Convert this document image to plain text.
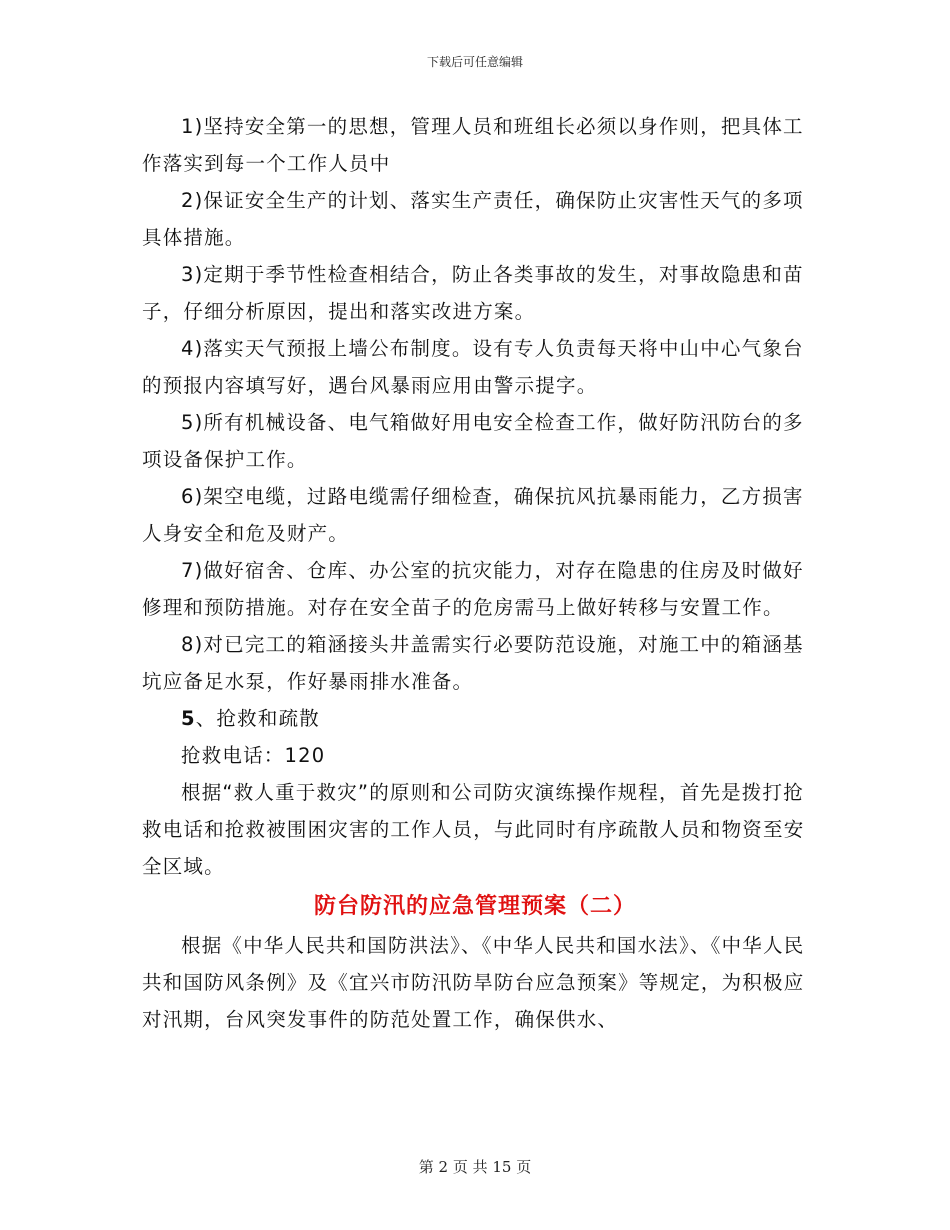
下载后可任意编辑

1)坚持安全第一的思想，管理人员和班组长必须以身作则，把具体工作落实到每一个工作人员中

2)保证安全生产的计划、落实生产责任，确保防止灾害性天气的多项具体措施。

3)定期于季节性检查相结合，防止各类事故的发生，对事故隐患和苗子，仔细分析原因，提出和落实改进方案。

4)落实天气预报上墙公布制度。设有专人负责每天将中山中心气象台的预报内容填写好，遇台风暴雨应用由警示提字。

5)所有机械设备、电气箱做好用电安全检查工作，做好防汛防台的多项设备保护工作。

6)架空电缆，过路电缆需仔细检查，确保抗风抗暴雨能力，乙方损害人身安全和危及财产。

7)做好宿舍、仓库、办公室的抗灾能力，对存在隐患的住房及时做好修理和预防措施。对存在安全苗子的危房需马上做好转移与安置工作。

8)对已完工的箱涵接头井盖需实行必要防范设施，对施工中的箱涵基坑应备足水泵，作好暴雨排水准备。

5、抢救和疏散

抢救电话：120

根据“救人重于救灾”的原则和公司防灾演练操作规程，首先是拨打抢救电话和抢救被围困灾害的工作人员，与此同时有序疏散人员和物资至安全区域。

防台防汛的应急管理预案（二）

根据《中华人民共和国防洪法》、《中华人民共和国水法》、《中华人民共和国防风条例》及《宜兴市防汛防旱防台应急预案》等规定，为积极应对汛期，台风突发事件的防范处置工作，确保供水、

第 2 页 共 15 页
